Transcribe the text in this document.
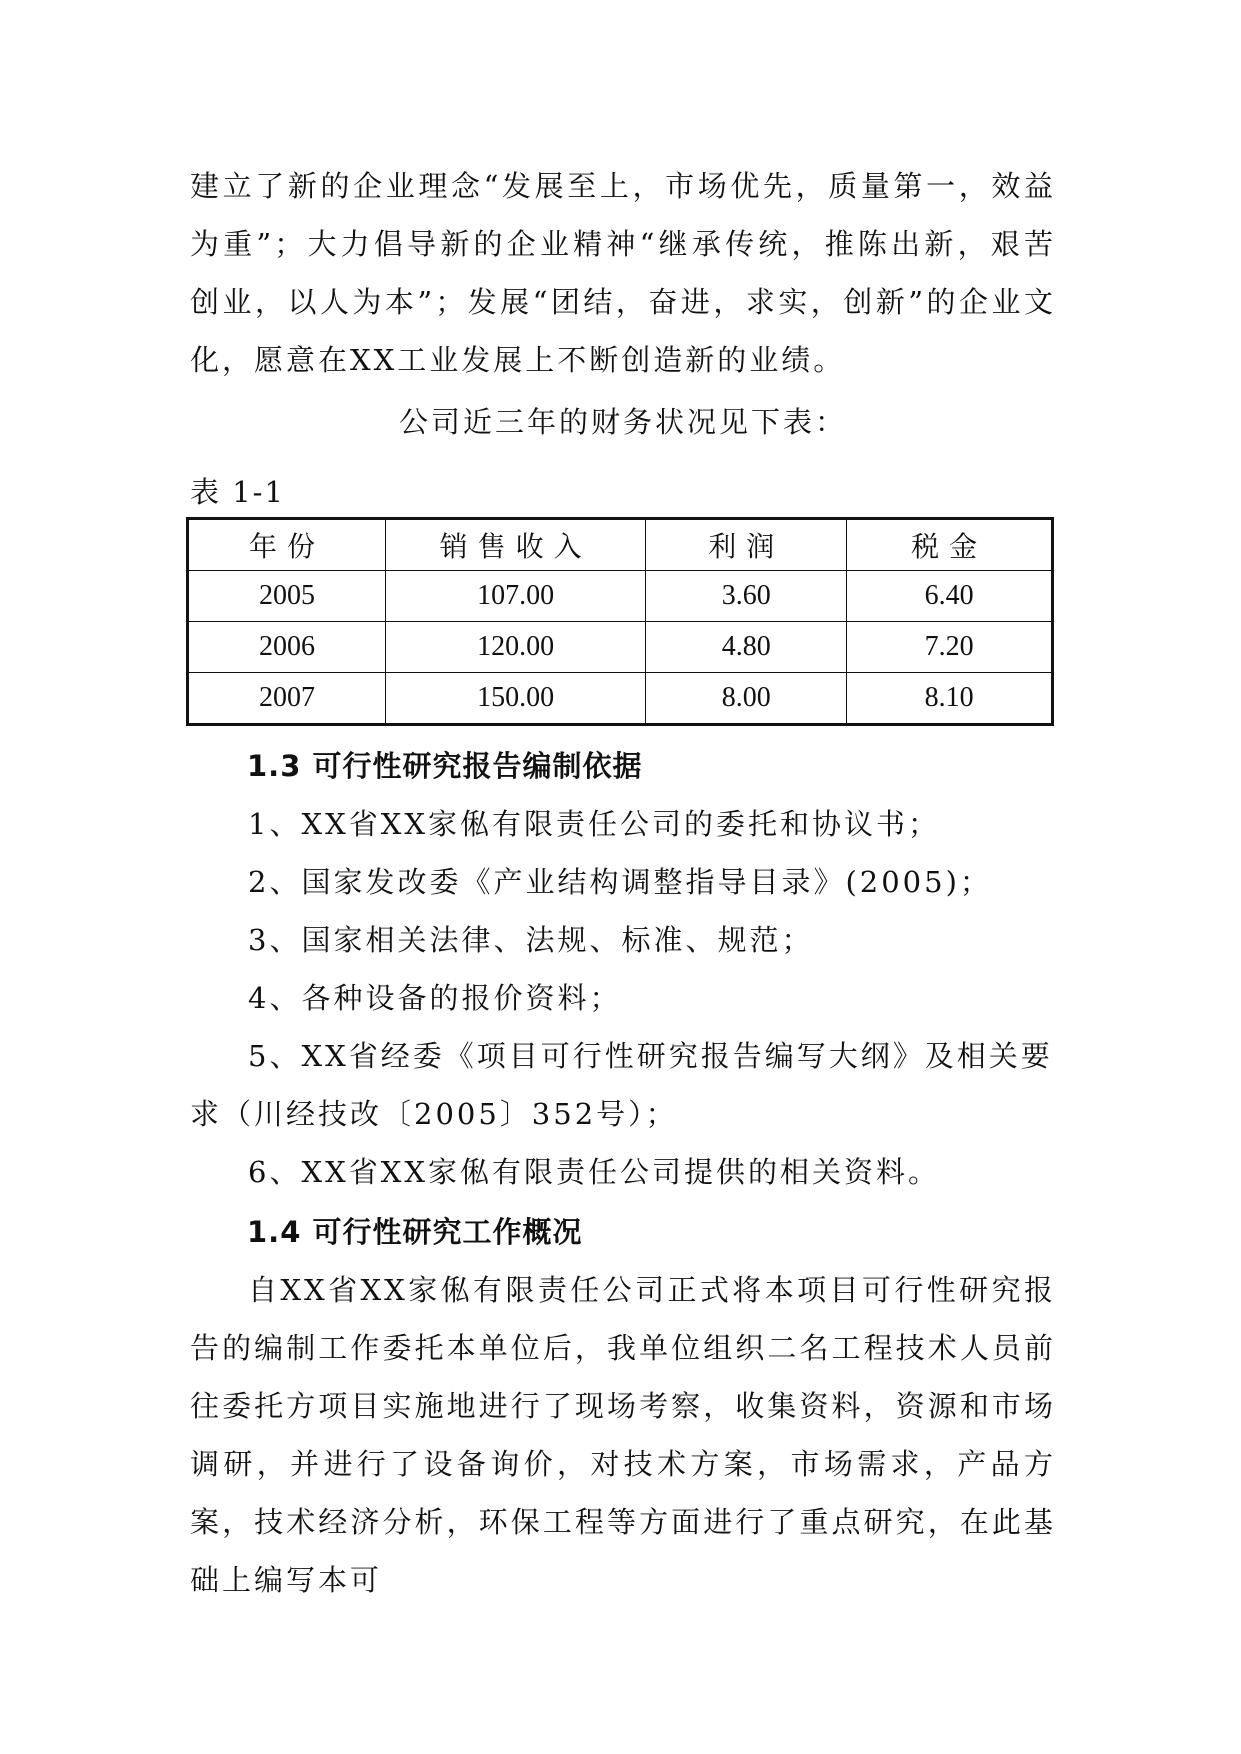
建立了新的企业理念“发展至上，市场优先，质量第一，效益为重”；大力倡导新的企业精神“继承传统，推陈出新，艰苦创业，以人为本”；发展“团结，奋进，求实，创新”的企业文化，愿意在XX工业发展上不断创造新的业绩。

公司近三年的财务状况见下表：
表 1-1
年份	销售收入	利润	税金
2005	107.00	3.60	6.40
2006	120.00	4.80	7.20
2007	150.00	8.00	8.10
1.3 可行性研究报告编制依据
1、XX省XX家俬有限责任公司的委托和协议书；
2、国家发改委《产业结构调整指导目录》(2005)；
3、国家相关法律、法规、标准、规范；
4、各种设备的报价资料；
5、XX省经委《项目可行性研究报告编写大纲》及相关要求（川经技改〔2005〕352号）；
6、XX省XX家俬有限责任公司提供的相关资料。
1.4 可行性研究工作概况

自XX省XX家俬有限责任公司正式将本项目可行性研究报告的编制工作委托本单位后，我单位组织二名工程技术人员前往委托方项目实施地进行了现场考察，收集资料，资源和市场调研，并进行了设备询价，对技术方案，市场需求，产品方案，技术经济分析，环保工程等方面进行了重点研究，在此基础上编写本可
